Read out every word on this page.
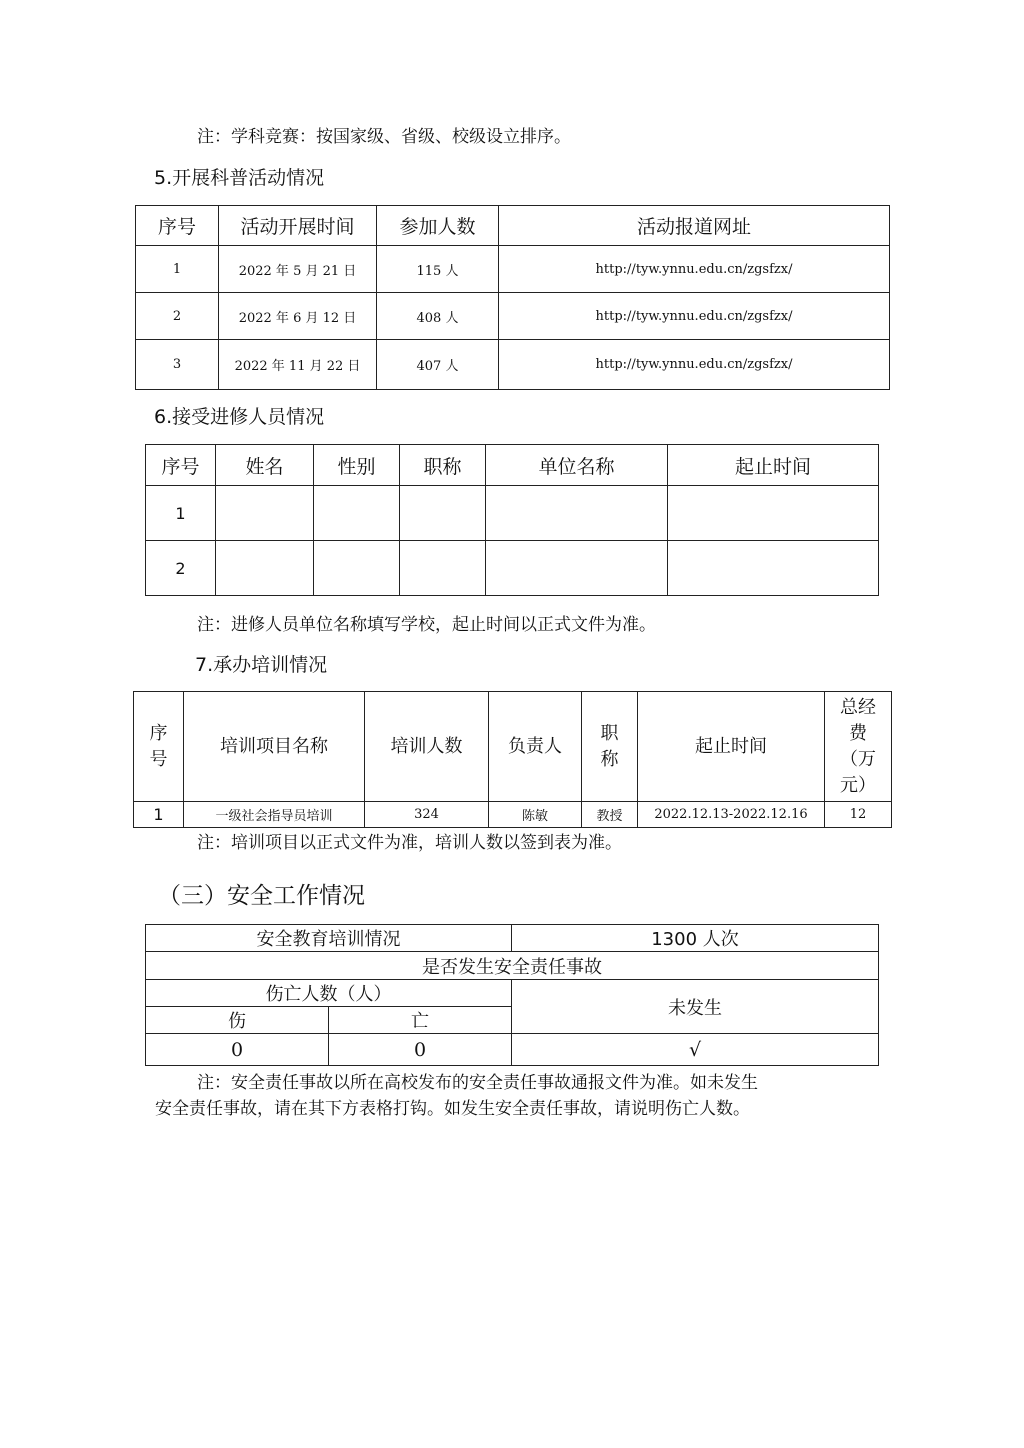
注：学科竞赛：按国家级、省级、校级设立排序。
5.开展科普活动情况
序号	活动开展时间	参加人数	活动报道网址
1	2022 年 5 月 21 日	115 人	http://tyw.ynnu.edu.cn/zgsfzx/
2	2022 年 6 月 12 日	408 人	http://tyw.ynnu.edu.cn/zgsfzx/
3	2022 年 11 月 22 日	407 人	http://tyw.ynnu.edu.cn/zgsfzx/
6.接受进修人员情况
序号	姓名	性别	职称	单位名称	起止时间
1					
2					
注：进修人员单位名称填写学校，起止时间以正式文件为准。
7.承办培训情况
序号	培训项目名称	培训人数	负责人	职称	起止时间	总经费（万元）

1	一级社会指导员培训	324	陈敏	教授	2022.12.13-2022.12.16	12
注：培训项目以正式文件为准，培训人数以签到表为准。
（三）安全工作情况
安全教育培训情况		1300 人次
是否发生安全责任事故		
伤亡人数（人）		未发生
伤	亡	
0	0	√
注：安全责任事故以所在高校发布的安全责任事故通报文件为准。如未发生
安全责任事故，请在其下方表格打钩。如发生安全责任事故，请说明伤亡人数。
